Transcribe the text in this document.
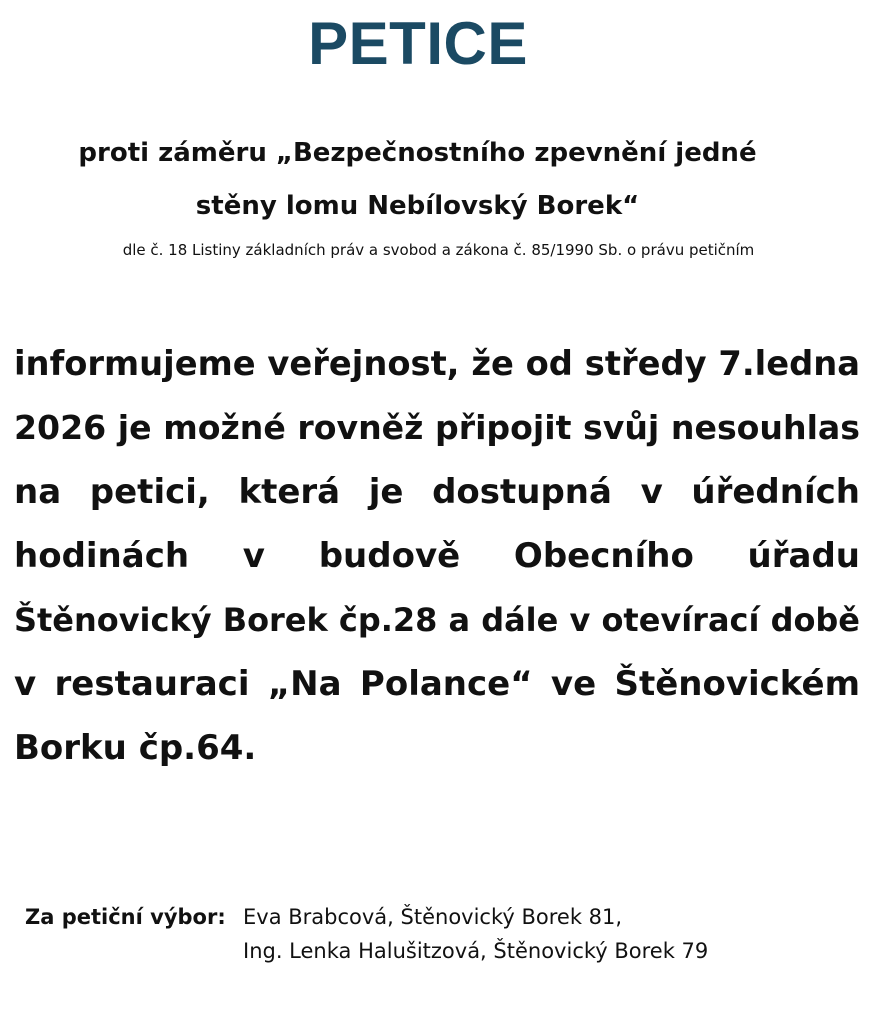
PETICE
proti záměru „Bezpečnostního zpevnění jedné
stěny lomu Nebílovský Borek“
dle č. 18 Listiny základních práv a svobod a zákona č. 85/1990 Sb. o právu petičním
informujeme veřejnost, že od středy 7.ledna
2026 je možné rovněž připojit svůj nesouhlas
na petici, která je dostupná v úředních
hodinách v budově Obecního úřadu
Štěnovický Borek čp.28 a dále v otevírací době
v restauraci „Na Polance“ ve Štěnovickém
Borku čp.64.
Za petiční výbor: Eva Brabcová, Štěnovický Borek 81,
Ing. Lenka Halušitzová, Štěnovický Borek 79
